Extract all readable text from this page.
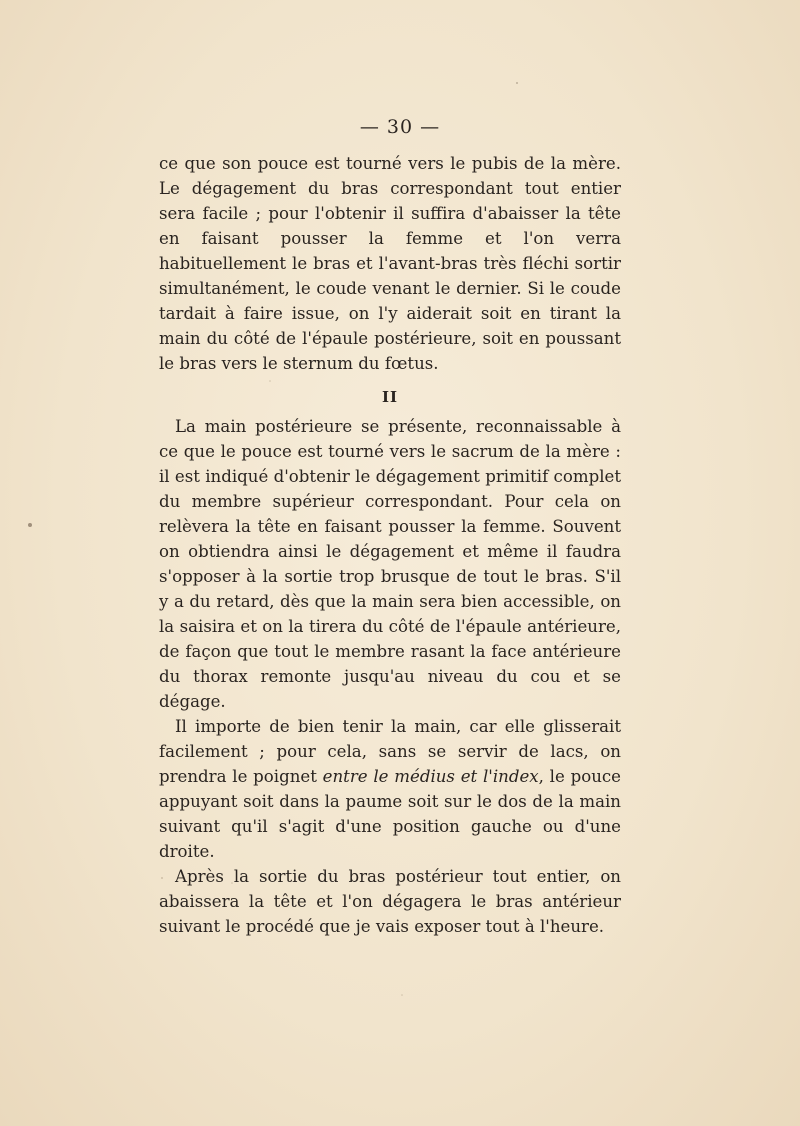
— 30 —

ce que son pouce est tourné vers le pubis de la mère. Le dégagement du bras correspondant tout entier sera facile ; pour l'obtenir il suffira d'abaisser la tête en faisant pousser la femme et l'on verra habituellement le bras et l'avant-bras très fléchi sortir simultanément, le coude venant le dernier. Si le coude tardait à faire issue, on l'y aiderait soit en tirant la main du côté de l'épaule postérieure, soit en poussant le bras vers le sternum du fœtus.

II

La main postérieure se présente, reconnaissable à ce que le pouce est tourné vers le sacrum de la mère : il est indiqué d'obtenir le dégagement primitif complet du membre supérieur correspondant. Pour cela on relèvera la tête en faisant pousser la femme. Souvent on obtiendra ainsi le dégagement et même il faudra s'opposer à la sortie trop brusque de tout le bras. S'il y a du retard, dès que la main sera bien accessible, on la saisira et on la tirera du côté de l'épaule antérieure, de façon que tout le membre rasant la face antérieure du thorax remonte jusqu'au niveau du cou et se dégage.

Il importe de bien tenir la main, car elle glisserait facilement ; pour cela, sans se servir de lacs, on prendra le poignet entre le médius et l'index, le pouce appuyant soit dans la paume soit sur le dos de la main suivant qu'il s'agit d'une position gauche ou d'une droite.

Après la sortie du bras postérieur tout entier, on abaissera la tête et l'on dégagera le bras antérieur suivant le procédé que je vais exposer tout à l'heure.
